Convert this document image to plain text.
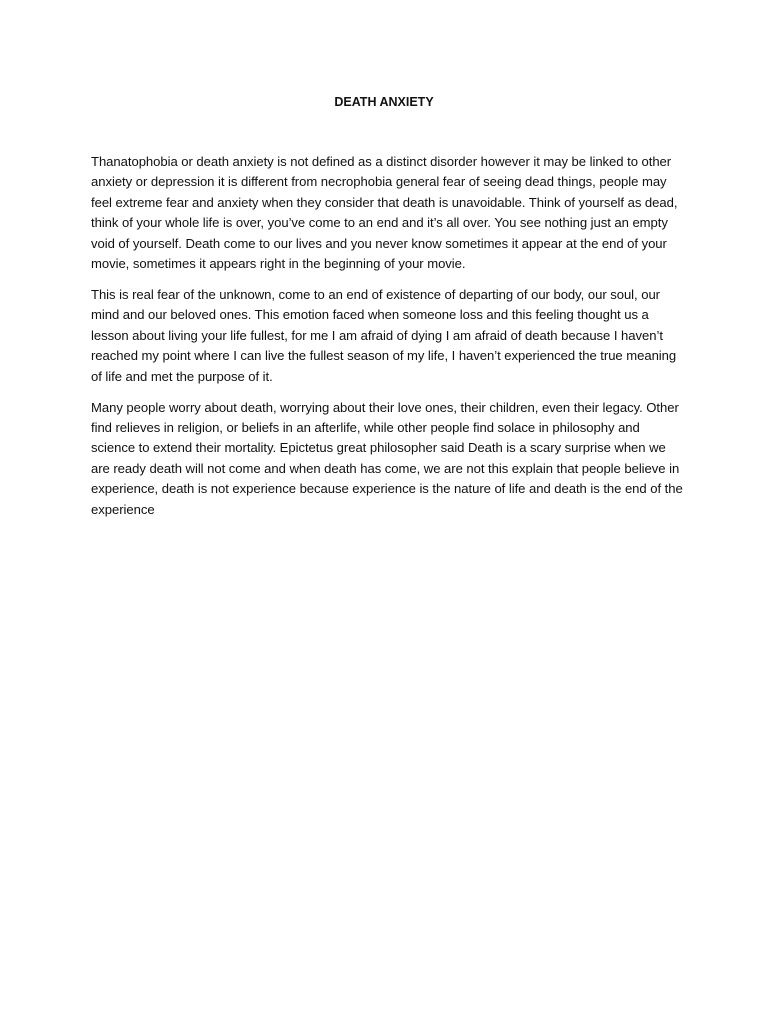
DEATH ANXIETY

Thanatophobia or death anxiety is not defined as a distinct disorder however it may be linked to other anxiety or depression it is different from necrophobia general fear of seeing dead things, people may feel extreme fear and anxiety when they consider that death is unavoidable. Think of yourself as dead, think of your whole life is over, you’ve come to an end and it’s all over. You see nothing just an empty void of yourself. Death come to our lives and you never know sometimes it appear at the end of your movie, sometimes it appears right in the beginning of your movie.

This is real fear of the unknown, come to an end of existence of departing of our body, our soul, our mind and our beloved ones. This emotion faced when someone loss and this feeling thought us a lesson about living your life fullest, for me I am afraid of dying I am afraid of death because I haven’t reached my point where I can live the fullest season of my life, I haven’t experienced the true meaning of life and met the purpose of it.

Many people worry about death, worrying about their love ones, their children, even their legacy. Other find relieves in religion, or beliefs in an afterlife, while other people find solace in philosophy and science to extend their mortality. Epictetus great philosopher said Death is a scary surprise when we are ready death will not come and when death has come, we are not this explain that people believe in experience, death is not experience because experience is the nature of life and death is the end of the experience
